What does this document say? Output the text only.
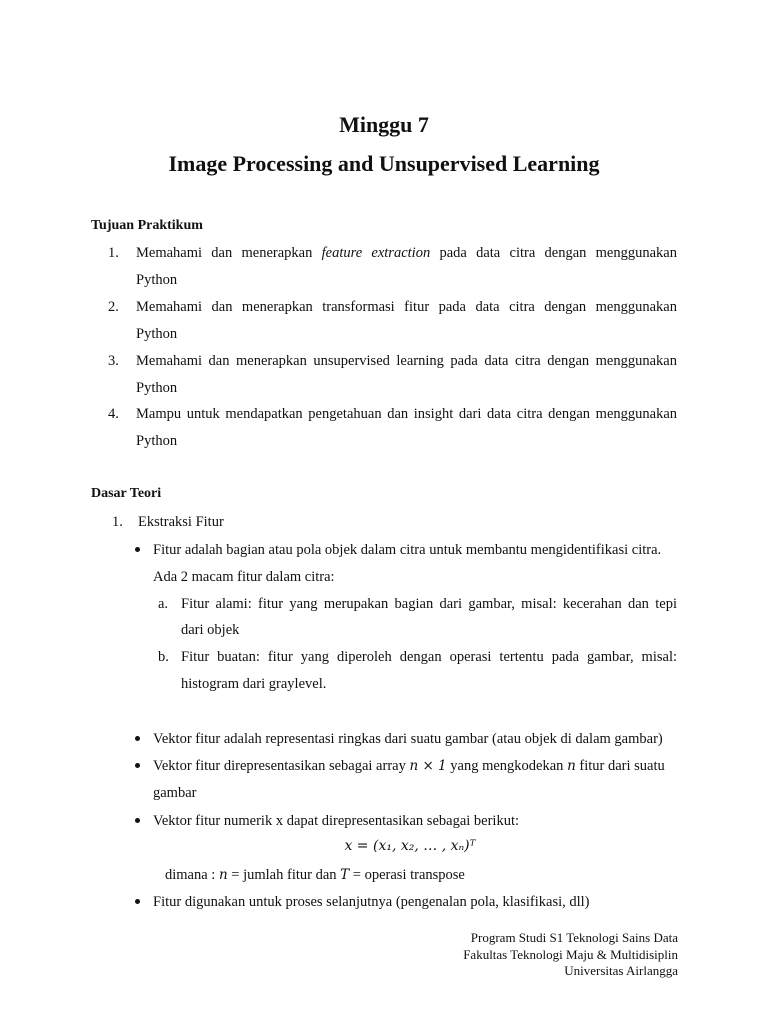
Minggu 7
Image Processing and Unsupervised Learning
Tujuan Praktikum
1. Memahami dan menerapkan feature extraction pada data citra dengan menggunakan
Python
2. Memahami dan menerapkan transformasi fitur pada data citra dengan menggunakan
Python
3. Memahami dan menerapkan unsupervised learning pada data citra dengan menggunakan
Python
4. Mampu untuk mendapatkan pengetahuan dan insight dari data citra dengan menggunakan
Python
Dasar Teori
1. Ekstraksi Fitur
Fitur adalah bagian atau pola objek dalam citra untuk membantu mengidentifikasi citra.
Ada 2 macam fitur dalam citra:
a. Fitur alami: fitur yang merupakan bagian dari gambar, misal: kecerahan dan tepi
dari objek
b. Fitur buatan: fitur yang diperoleh dengan operasi tertentu pada gambar, misal:
histogram dari graylevel.
Vektor fitur adalah representasi ringkas dari suatu gambar (atau objek di dalam gambar)
Vektor fitur direpresentasikan sebagai array n × 1 yang mengkodekan n fitur dari suatu
gambar
Vektor fitur numerik x dapat direpresentasikan sebagai berikut:
x = (x₁, x₂, … , xₙ)ᵀ
dimana : n = jumlah fitur dan T = operasi transpose
Fitur digunakan untuk proses selanjutnya (pengenalan pola, klasifikasi, dll)
Program Studi S1 Teknologi Sains Data
Fakultas Teknologi Maju & Multidisiplin
Universitas Airlangga
